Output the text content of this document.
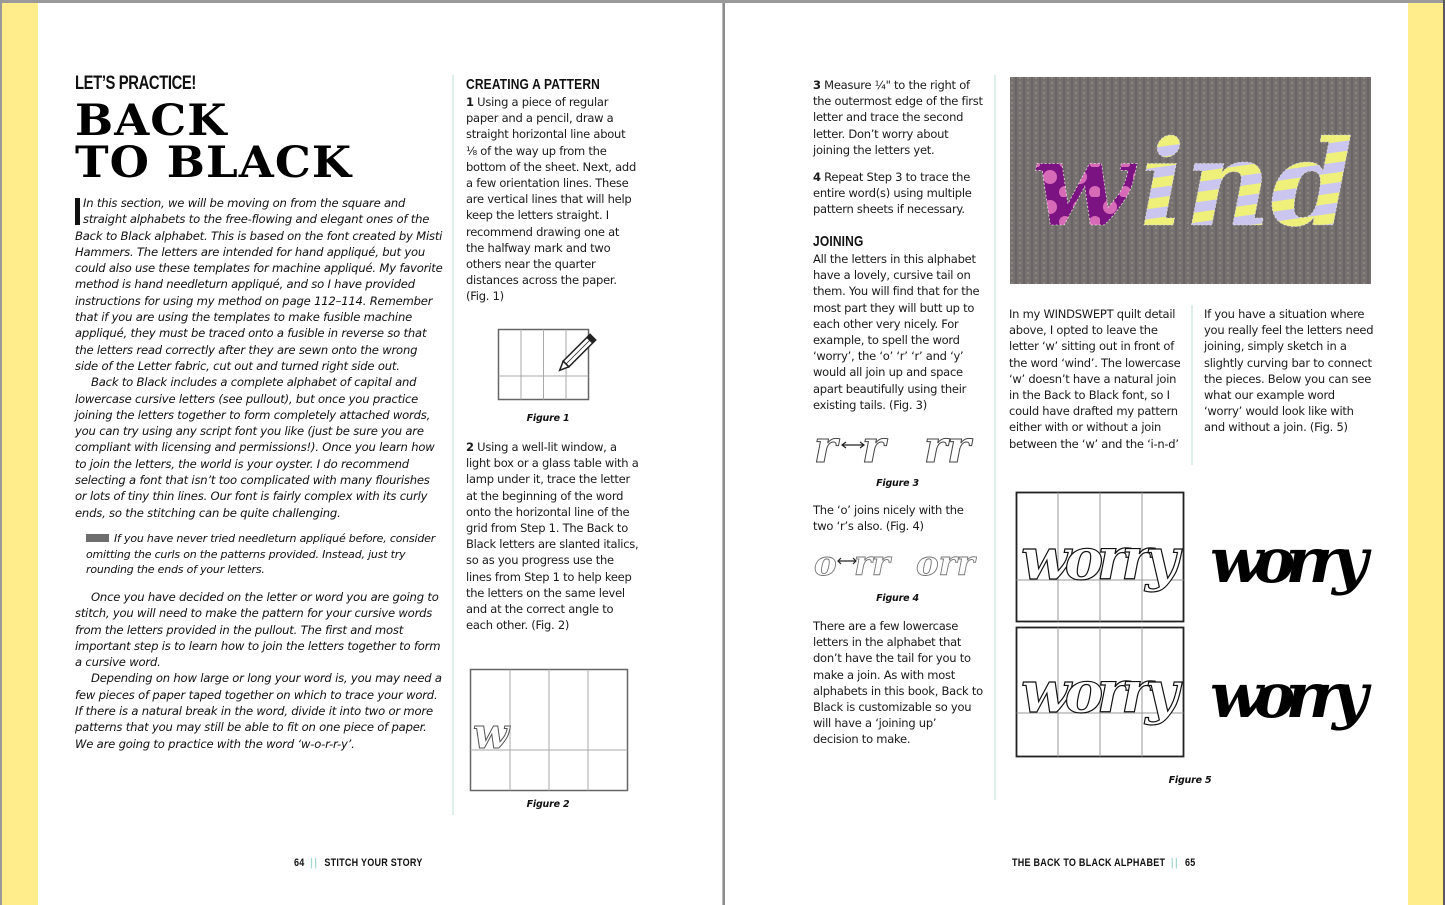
LET’S PRACTICE!
BACK
TO BLACK

In this section, we will be moving on from the square and straight alphabets to the free-flowing and elegant ones of the Back to Black alphabet. This is based on the font created by Misti Hammers. The letters are intended for hand appliqué, but you could also use these templates for machine appliqué. My favorite method is hand needleturn appliqué, and so I have provided instructions for using my method on page 112–114. Remember that if you are using the templates to make fusible machine appliqué, they must be traced onto a fusible in reverse so that the letters read correctly after they are sewn onto the wrong side of the Letter fabric, cut out and turned right side out.

Back to Black includes a complete alphabet of capital and lowercase cursive letters (see pullout), but once you practice joining the letters together to form completely attached words, you can try using any script font you like (just be sure you are compliant with licensing and permissions!). Once you learn how to join the letters, the world is your oyster. I do recommend selecting a font that isn’t too complicated with many flourishes or lots of tiny thin lines. Our font is fairly complex with its curly ends, so the stitching can be quite challenging.

If you have never tried needleturn appliqué before, consider omitting the curls on the patterns provided. Instead, just try rounding the ends of your letters.

Once you have decided on the letter or word you are going to stitch, you will need to make the pattern for your cursive words from the letters provided in the pullout. The first and most important step is to learn how to join the letters together to form a cursive word.

Depending on how large or long your word is, you may need a few pieces of paper taped together on which to trace your word. If there is a natural break in the word, divide it into two or more patterns that you may still be able to fit on one piece of paper. We are going to practice with the word ‘w-o-r-r-y’.

CREATING A PATTERN

1 Using a piece of regular paper and a pencil, draw a straight horizontal line about ⅛ of the way up from the bottom of the sheet. Next, add a few orientation lines. These are vertical lines that will help keep the letters straight. I recommend drawing one at the halfway mark and two others near the quarter distances across the paper. (Fig. 1)

Figure 1

2 Using a well-lit window, a light box or a glass table with a lamp under it, trace the letter at the beginning of the word onto the horizontal line of the grid from Step 1. The Back to Black letters are slanted italics, so as you progress use the lines from Step 1 to help keep the letters on the same level and at the correct angle to each other. (Fig. 2)

w
Figure 2
64 || STITCH YOUR STORY

3 Measure ¼" to the right of the outermost edge of the first letter and trace the second letter. Don’t worry about joining the letters yet.

4 Repeat Step 3 to trace the entire word(s) using multiple pattern sheets if necessary.

JOINING
All the letters in this alphabet have a lovely, cursive tail on them. You will find that for the most part they will butt up to each other very nicely. For example, to spell the word ‘worry’, the ‘o’ ‘r’ ‘r’ and ‘y’ would all join up and space apart beautifully using their existing tails. (Fig. 3)
r r rr
Figure 3
The ‘o’ joins nicely with the two ‘r’s also. (Fig. 4)
o rr orr
Figure 4
There are a few lowercase letters in the alphabet that don’t have the tail for you to make a join. As with most alphabets in this book, Back to Black is customizable so you will have a ‘joining up’ decision to make.
w ind
In my WINDSWEPT quilt detail above, I opted to leave the letter ‘w’ sitting out in front of the word ‘wind’. The lowercase ‘w’ doesn’t have a natural join in the Back to Black font, so I could have drafted my pattern either with or without a join between the ‘w’ and the ‘i-n-d’
If you have a situation where you really feel the letters need joining, simply sketch in a slightly curving bar to connect the pieces. Below you can see what our example word ‘worry’ would look like with and without a join. (Fig. 5)
worry
worry
worry
worry
Figure 5
THE BACK TO BLACK ALPHABET || 65
